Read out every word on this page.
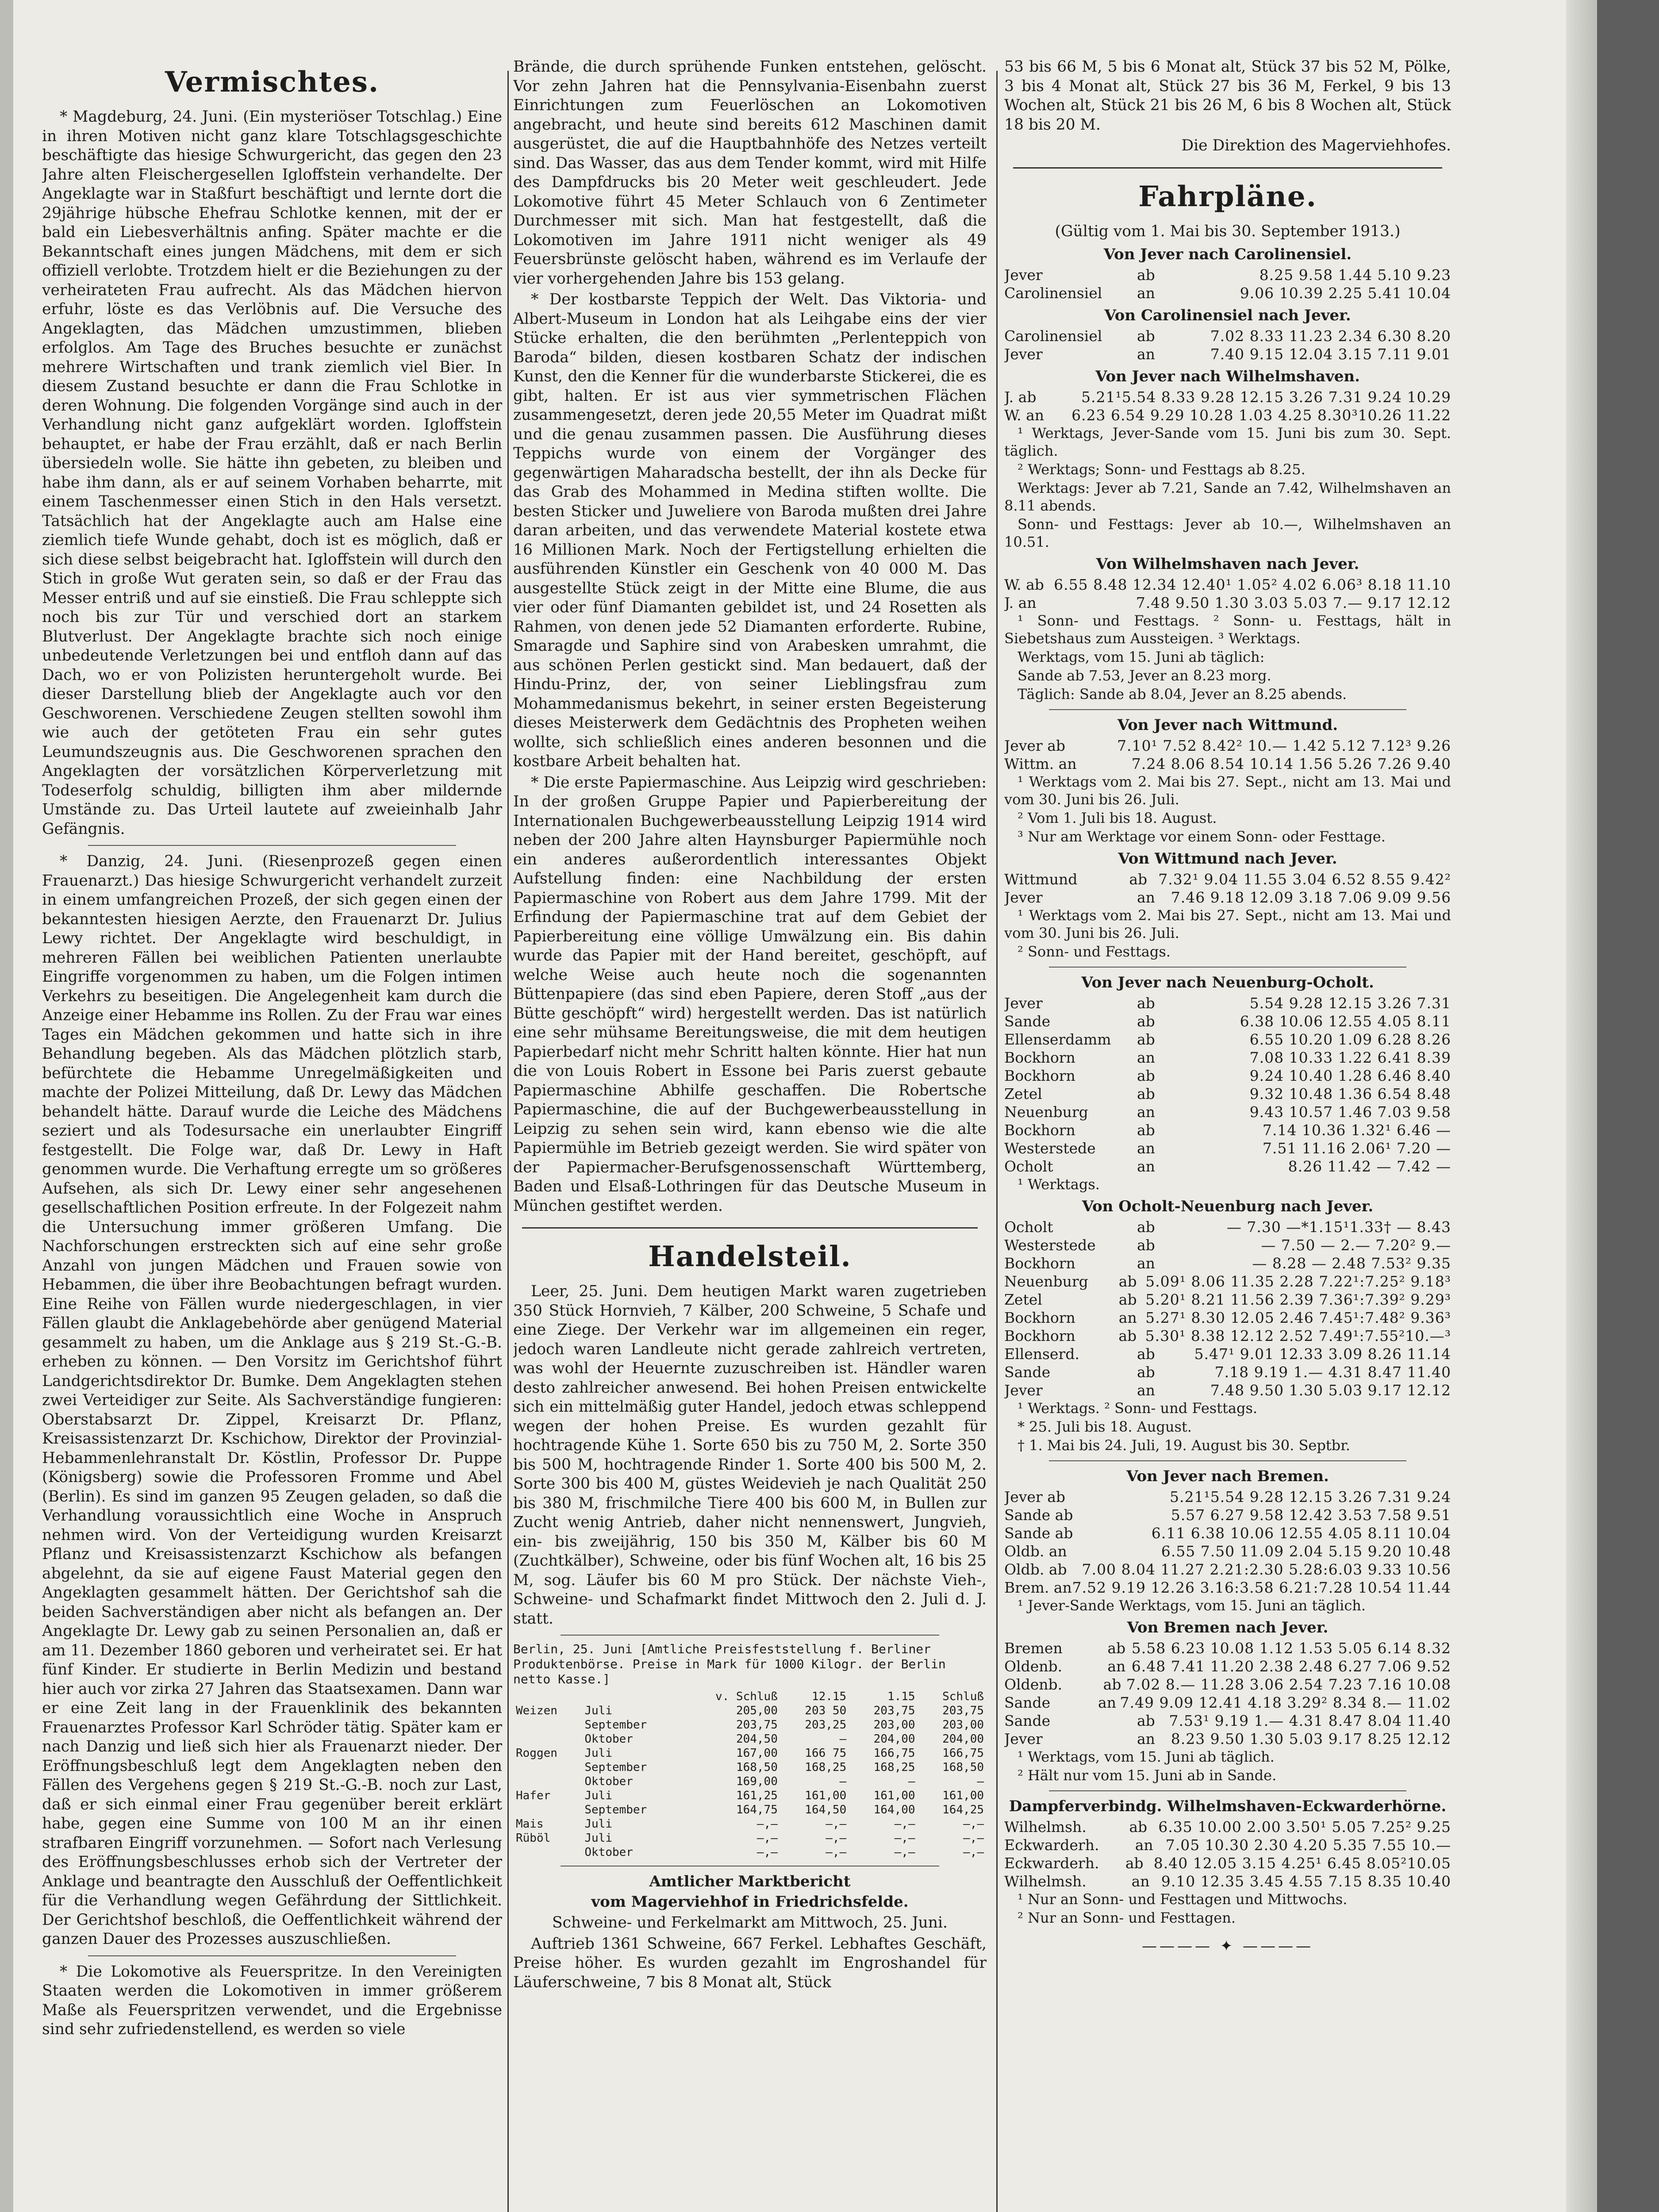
Vermischtes.

* Magdeburg, 24. Juni. (Ein mysteriöser Totschlag.) Eine in ihren Motiven nicht ganz klare Totschlagsgeschichte beschäftigte das hiesige Schwurgericht, das gegen den 23 Jahre alten Fleischergesellen Igloffstein verhandelte. Der Angeklagte war in Staßfurt beschäftigt und lernte dort die 29jährige hübsche Ehefrau Schlotke kennen, mit der er bald ein Liebesverhältnis anfing. Später machte er die Bekanntschaft eines jungen Mädchens, mit dem er sich offiziell verlobte. Trotzdem hielt er die Beziehungen zu der verheirateten Frau aufrecht. Als das Mädchen hiervon erfuhr, löste es das Verlöbnis auf. Die Versuche des Angeklagten, das Mädchen umzustimmen, blieben erfolglos. Am Tage des Bruches besuchte er zunächst mehrere Wirtschaften und trank ziemlich viel Bier. In diesem Zustand besuchte er dann die Frau Schlotke in deren Wohnung. Die folgenden Vorgänge sind auch in der Verhandlung nicht ganz aufgeklärt worden. Igloffstein behauptet, er habe der Frau erzählt, daß er nach Berlin übersiedeln wolle. Sie hätte ihn gebeten, zu bleiben und habe ihm dann, als er auf seinem Vorhaben beharrte, mit einem Taschenmesser einen Stich in den Hals versetzt. Tatsächlich hat der Angeklagte auch am Halse eine ziemlich tiefe Wunde gehabt, doch ist es möglich, daß er sich diese selbst beigebracht hat. Igloffstein will durch den Stich in große Wut geraten sein, so daß er der Frau das Messer entriß und auf sie einstieß. Die Frau schleppte sich noch bis zur Tür und verschied dort an starkem Blutverlust. Der Angeklagte brachte sich noch einige unbedeutende Verletzungen bei und entfloh dann auf das Dach, wo er von Polizisten heruntergeholt wurde. Bei dieser Darstellung blieb der Angeklagte auch vor den Geschworenen. Verschiedene Zeugen stellten sowohl ihm wie auch der getöteten Frau ein sehr gutes Leumundszeugnis aus. Die Geschworenen sprachen den Angeklagten der vorsätzlichen Körperverletzung mit Todeserfolg schuldig, billigten ihm aber mildernde Umstände zu. Das Urteil lautete auf zweieinhalb Jahr Gefängnis.

* Danzig, 24. Juni. (Riesenprozeß gegen einen Frauenarzt.) Das hiesige Schwurgericht verhandelt zurzeit in einem umfangreichen Prozeß, der sich gegen einen der bekanntesten hiesigen Aerzte, den Frauenarzt Dr. Julius Lewy richtet. Der Angeklagte wird beschuldigt, in mehreren Fällen bei weiblichen Patienten unerlaubte Eingriffe vorgenommen zu haben, um die Folgen intimen Verkehrs zu beseitigen. Die Angelegenheit kam durch die Anzeige einer Hebamme ins Rollen. Zu der Frau war eines Tages ein Mädchen gekommen und hatte sich in ihre Behandlung begeben. Als das Mädchen plötzlich starb, befürchtete die Hebamme Unregelmäßigkeiten und machte der Polizei Mitteilung, daß Dr. Lewy das Mädchen behandelt hätte. Darauf wurde die Leiche des Mädchens seziert und als Todesursache ein unerlaubter Eingriff festgestellt. Die Folge war, daß Dr. Lewy in Haft genommen wurde. Die Verhaftung erregte um so größeres Aufsehen, als sich Dr. Lewy einer sehr angesehenen gesellschaftlichen Position erfreute. In der Folgezeit nahm die Untersuchung immer größeren Umfang. Die Nachforschungen erstreckten sich auf eine sehr große Anzahl von jungen Mädchen und Frauen sowie von Hebammen, die über ihre Beobachtungen befragt wurden. Eine Reihe von Fällen wurde niedergeschlagen, in vier Fällen glaubt die Anklagebehörde aber genügend Material gesammelt zu haben, um die Anklage aus § 219 St.-G.-B. erheben zu können. — Den Vorsitz im Gerichtshof führt Landgerichtsdirektor Dr. Bumke. Dem Angeklagten stehen zwei Verteidiger zur Seite. Als Sachverständige fungieren: Oberstabsarzt Dr. Zippel, Kreisarzt Dr. Pflanz, Kreisassistenzarzt Dr. Kschichow, Direktor der Provinzial-Hebammenlehranstalt Dr. Köstlin, Professor Dr. Puppe (Königsberg) sowie die Professoren Fromme und Abel (Berlin). Es sind im ganzen 95 Zeugen geladen, so daß die Verhandlung voraussichtlich eine Woche in Anspruch nehmen wird. Von der Verteidigung wurden Kreisarzt Pflanz und Kreisassistenzarzt Kschichow als befangen abgelehnt, da sie auf eigene Faust Material gegen den Angeklagten gesammelt hätten. Der Gerichtshof sah die beiden Sachverständigen aber nicht als befangen an. Der Angeklagte Dr. Lewy gab zu seinen Personalien an, daß er am 11. Dezember 1860 geboren und verheiratet sei. Er hat fünf Kinder. Er studierte in Berlin Medizin und bestand hier auch vor zirka 27 Jahren das Staatsexamen. Dann war er eine Zeit lang in der Frauenklinik des bekannten Frauenarztes Professor Karl Schröder tätig. Später kam er nach Danzig und ließ sich hier als Frauenarzt nieder. Der Eröffnungsbeschluß legt dem Angeklagten neben den Fällen des Vergehens gegen § 219 St.-G.-B. noch zur Last, daß er sich einmal einer Frau gegenüber bereit erklärt habe, gegen eine Summe von 100 M an ihr einen strafbaren Eingriff vorzunehmen. — Sofort nach Verlesung des Eröffnungsbeschlusses erhob sich der Vertreter der Anklage und beantragte den Ausschluß der Oeffentlichkeit für die Verhandlung wegen Gefährdung der Sittlichkeit. Der Gerichtshof beschloß, die Oeffentlichkeit während der ganzen Dauer des Prozesses auszuschließen.

* Die Lokomotive als Feuerspritze. In den Vereinigten Staaten werden die Lokomotiven in immer größerem Maße als Feuerspritzen verwendet, und die Ergebnisse sind sehr zufriedenstellend, es werden so viele

Brände, die durch sprühende Funken entstehen, gelöscht. Vor zehn Jahren hat die Pennsylvania-Eisenbahn zuerst Einrichtungen zum Feuerlöschen an Lokomotiven angebracht, und heute sind bereits 612 Maschinen damit ausgerüstet, die auf die Hauptbahnhöfe des Netzes verteilt sind. Das Wasser, das aus dem Tender kommt, wird mit Hilfe des Dampfdrucks bis 20 Meter weit geschleudert. Jede Lokomotive führt 45 Meter Schlauch von 6 Zentimeter Durchmesser mit sich. Man hat festgestellt, daß die Lokomotiven im Jahre 1911 nicht weniger als 49 Feuersbrünste gelöscht haben, während es im Verlaufe der vier vorhergehenden Jahre bis 153 gelang.

* Der kostbarste Teppich der Welt. Das Viktoria- und Albert-Museum in London hat als Leihgabe eins der vier Stücke erhalten, die den berühmten „Perlenteppich von Baroda“ bilden, diesen kostbaren Schatz der indischen Kunst, den die Kenner für die wunderbarste Stickerei, die es gibt, halten. Er ist aus vier symmetrischen Flächen zusammengesetzt, deren jede 20,55 Meter im Quadrat mißt und die genau zusammen passen. Die Ausführung dieses Teppichs wurde von einem der Vorgänger des gegenwärtigen Maharadscha bestellt, der ihn als Decke für das Grab des Mohammed in Medina stiften wollte. Die besten Sticker und Juweliere von Baroda mußten drei Jahre daran arbeiten, und das verwendete Material kostete etwa 16 Millionen Mark. Noch der Fertigstellung erhielten die ausführenden Künstler ein Geschenk von 40 000 M. Das ausgestellte Stück zeigt in der Mitte eine Blume, die aus vier oder fünf Diamanten gebildet ist, und 24 Rosetten als Rahmen, von denen jede 52 Diamanten erforderte. Rubine, Smaragde und Saphire sind von Arabesken umrahmt, die aus schönen Perlen gestickt sind. Man bedauert, daß der Hindu-Prinz, der, von seiner Lieblingsfrau zum Mohammedanismus bekehrt, in seiner ersten Begeisterung dieses Meisterwerk dem Gedächtnis des Propheten weihen wollte, sich schließlich eines anderen besonnen und die kostbare Arbeit behalten hat.

* Die erste Papiermaschine. Aus Leipzig wird geschrieben: In der großen Gruppe Papier und Papierbereitung der Internationalen Buchgewerbeausstellung Leipzig 1914 wird neben der 200 Jahre alten Haynsburger Papiermühle noch ein anderes außerordentlich interessantes Objekt Aufstellung finden: eine Nachbildung der ersten Papiermaschine von Robert aus dem Jahre 1799. Mit der Erfindung der Papiermaschine trat auf dem Gebiet der Papierbereitung eine völlige Umwälzung ein. Bis dahin wurde das Papier mit der Hand bereitet, geschöpft, auf welche Weise auch heute noch die sogenannten Büttenpapiere (das sind eben Papiere, deren Stoff „aus der Bütte geschöpft“ wird) hergestellt werden. Das ist natürlich eine sehr mühsame Bereitungsweise, die mit dem heutigen Papierbedarf nicht mehr Schritt halten könnte. Hier hat nun die von Louis Robert in Essone bei Paris zuerst gebaute Papiermaschine Abhilfe geschaffen. Die Robertsche Papiermaschine, die auf der Buchgewerbeausstellung in Leipzig zu sehen sein wird, kann ebenso wie die alte Papiermühle im Betrieb gezeigt werden. Sie wird später von der Papiermacher-Berufsgenossenschaft Württemberg, Baden und Elsaß-Lothringen für das Deutsche Museum in München gestiftet werden.

Handelsteil.

Leer, 25. Juni. Dem heutigen Markt waren zugetrieben 350 Stück Hornvieh, 7 Kälber, 200 Schweine, 5 Schafe und eine Ziege. Der Verkehr war im allgemeinen ein reger, jedoch waren Landleute nicht gerade zahlreich vertreten, was wohl der Heuernte zuzuschreiben ist. Händler waren desto zahlreicher anwesend. Bei hohen Preisen entwickelte sich ein mittelmäßig guter Handel, jedoch etwas schleppend wegen der hohen Preise. Es wurden gezahlt für hochtragende Kühe 1. Sorte 650 bis zu 750 M, 2. Sorte 350 bis 500 M, hochtragende Rinder 1. Sorte 400 bis 500 M, 2. Sorte 300 bis 400 M, güstes Weidevieh je nach Qualität 250 bis 380 M, frischmilche Tiere 400 bis 600 M, in Bullen zur Zucht wenig Antrieb, daher nicht nennenswert, Jungvieh, ein- bis zweijährig, 150 bis 350 M, Kälber bis 60 M (Zuchtkälber), Schweine, oder bis fünf Wochen alt, 16 bis 25 M, sog. Läufer bis 60 M pro Stück. Der nächste Vieh-, Schweine- und Schafmarkt findet Mittwoch den 2. Juli d. J. statt.

Berlin, 25. Juni [Amtliche Preisfeststellung f. Berliner Produktenbörse. Preise in Mark für 1000 Kilogr. der Berlin netto Kasse.]

		v. Schluß	12.15	1.15	Schluß
Weizen	Juli	205,00	203 50	203,75	203,75
	September	203,75	203,25	203,00	203,00
	Oktober	204,50	—	204,00	204,00
Roggen	Juli	167,00	166 75	166,75	166,75
	September	168,50	168,25	168,25	168,50
	Oktober	169,00	—	—	—
Hafer	Juli	161,25	161,00	161,00	161,00
	September	164,75	164,50	164,00	164,25
Mais	Juli	—,—	—,—	—,—	—,—
Rüböl	Juli	—,—	—,—	—,—	—,—
	Oktober	—,—	—,—	—,—	—,—
Amtlicher Marktbericht
vom Magerviehhof in Friedrichsfelde.

Schweine- und Ferkelmarkt am Mittwoch, 25. Juni.

Auftrieb 1361 Schweine, 667 Ferkel. Lebhaftes Geschäft, Preise höher. Es wurden gezahlt im Engroshandel für Läuferschweine, 7 bis 8 Monat alt, Stück

53 bis 66 M, 5 bis 6 Monat alt, Stück 37 bis 52 M, Pölke, 3 bis 4 Monat alt, Stück 27 bis 36 M, Ferkel, 9 bis 13 Wochen alt, Stück 21 bis 26 M, 6 bis 8 Wochen alt, Stück 18 bis 20 M.

Die Direktion des Magerviehhofes.

Fahrpläne.

(Gültig vom 1. Mai bis 30. September 1913.)

Von Jever nach Carolinensiel.
Jever	ab	8.25 9.58 1.44 5.10 9.23
Carolinensiel	an	9.06 10.39 2.25 5.41 10.04
Von Carolinensiel nach Jever.
Carolinensiel	ab	7.02 8.33 11.23 2.34 6.30 8.20
Jever	an	7.40 9.15 12.04 3.15 7.11 9.01
Von Jever nach Wilhelmshaven.
J. ab	5.21¹5.54 8.33 9.28 12.15 3.26 7.31 9.24 10.29
W. an	6.23 6.54 9.29 10.28 1.03 4.25 8.30³10.26 11.22

¹ Werktags, Jever-Sande vom 15. Juni bis zum 30. Sept. täglich.

² Werktags; Sonn- und Festtags ab 8.25.

Werktags: Jever ab 7.21, Sande an 7.42, Wilhelmshaven an 8.11 abends.

Sonn- und Festtags: Jever ab 10.—, Wilhelmshaven an 10.51.

Von Wilhelmshaven nach Jever.
W. ab 6.55 8.48 12.34 12.40¹ 1.05² 4.02 6.06³ 8.18 11.10
J. an	7.48 9.50 1.30 3.03 5.03 7.— 9.17 12.12

¹ Sonn- und Festtags. ² Sonn- u. Festtags, hält in Siebetshaus zum Aussteigen. ³ Werktags.

Werktags, vom 15. Juni ab täglich:

Sande ab 7.53, Jever an 8.23 morg.

Täglich: Sande ab 8.04, Jever an 8.25 abends.

Von Jever nach Wittmund.
Jever ab	7.10¹ 7.52 8.42² 10.— 1.42 5.12 7.12³ 9.26
Wittm. an	7.24 8.06 8.54 10.14 1.56 5.26 7.26 9.40

¹ Werktags vom 2. Mai bis 27. Sept., nicht am 13. Mai und vom 30. Juni bis 26. Juli.

² Vom 1. Juli bis 18. August.

³ Nur am Werktage vor einem Sonn- oder Festtage.

Von Wittmund nach Jever.
Wittmund	ab 7.32¹ 9.04 11.55 3.04 6.52 8.55 9.42²
Jever	an	7.46 9.18 12.09 3.18 7.06 9.09 9.56

¹ Werktags vom 2. Mai bis 27. Sept., nicht am 13. Mai und vom 30. Juni bis 26. Juli.

² Sonn- und Festtags.

Von Jever nach Neuenburg-Ocholt.
Jever	ab	5.54 9.28 12.15 3.26 7.31
Sande	ab	6.38 10.06 12.55 4.05 8.11
Ellenserdamm	ab	6.55 10.20 1.09 6.28 8.26
Bockhorn	an	7.08 10.33 1.22 6.41 8.39
Bockhorn	ab	9.24 10.40 1.28 6.46 8.40
Zetel	ab	9.32 10.48 1.36 6.54 8.48
Neuenburg	an	9.43 10.57 1.46 7.03 9.58
Bockhorn	ab	7.14 10.36 1.32¹ 6.46 —
Westerstede	an	7.51 11.16 2.06¹ 7.20 —
Ocholt	an	8.26 11.42 — 7.42 —

¹ Werktags.

Von Ocholt-Neuenburg nach Jever.
Ocholt	ab	— 7.30 —*1.15¹1.33† — 8.43
Westerstede	ab	— 7.50 — 2.— 7.20² 9.—
Bockhorn	an	— 8.28 — 2.48 7.53² 9.35
Neuenburg	ab 5.09¹ 8.06 11.35 2.28 7.22¹:7.25² 9.18³
Zetel	ab 5.20¹ 8.21 11.56 2.39 7.36¹:7.39² 9.29³
Bockhorn	an 5.27¹ 8.30 12.05 2.46 7.45¹:7.48² 9.36³
Bockhorn	ab 5.30¹ 8.38 12.12 2.52 7.49¹:7.55²10.—³
Ellenserd.	ab	5.47¹ 9.01 12.33 3.09 8.26 11.14
Sande	ab	7.18 9.19 1.— 4.31 8.47 11.40
Jever	an	7.48 9.50 1.30 5.03 9.17 12.12

¹ Werktags. ² Sonn- und Festtags.

* 25. Juli bis 18. August.

† 1. Mai bis 24. Juli, 19. August bis 30. Septbr.

Von Jever nach Bremen.
Jever ab	5.21¹5.54 9.28 12.15 3.26 7.31 9.24
Sande ab	5.57 6.27 9.58 12.42 3.53 7.58 9.51
Sande ab	6.11 6.38 10.06 12.55 4.05 8.11 10.04
Oldb. an	6.55 7.50 11.09 2.04 5.15 9.20 10.48
Oldb. ab	7.00 8.04 11.27 2.21:2.30 5.28:6.03 9.33 10.56
Brem. an 7.52 9.19 12.26 3.16:3.58 6.21:7.28 10.54 11.44

¹ Jever-Sande Werktags, vom 15. Juni an täglich.

Von Bremen nach Jever.
Bremen	ab 5.58 6.23 10.08 1.12 1.53 5.05 6.14 8.32
Oldenb.	an 6.48 7.41 11.20 2.38 2.48 6.27 7.06 9.52
Oldenb.	ab 7.02 8.— 11.28 3.06 2.54 7.23 7.16 10.08
Sande	an 7.49 9.09 12.41 4.18 3.29² 8.34 8.— 11.02
Sande	ab 7.53¹ 9.19 1.— 4.31 8.47 8.04 11.40
Jever	an	8.23 9.50 1.30 5.03 9.17 8.25 12.12

¹ Werktags, vom 15. Juni ab täglich.

² Hält nur vom 15. Juni ab in Sande.

Dampferverbindg. Wilhelmshaven-Eckwarderhörne.
Wilhelmsh.	ab 6.35 10.00 2.00 3.50¹ 5.05 7.25² 9.25
Eckwarderh.	an 7.05 10.30 2.30 4.20 5.35 7.55 10.—
Eckwarderh.	ab 8.40 12.05 3.15 4.25¹ 6.45 8.05²10.05
Wilhelmsh.	an 9.10 12.35 3.45 4.55 7.15 8.35 10.40

¹ Nur an Sonn- und Festtagen und Mittwochs.

² Nur an Sonn- und Festtagen.

———— ✦ ————
